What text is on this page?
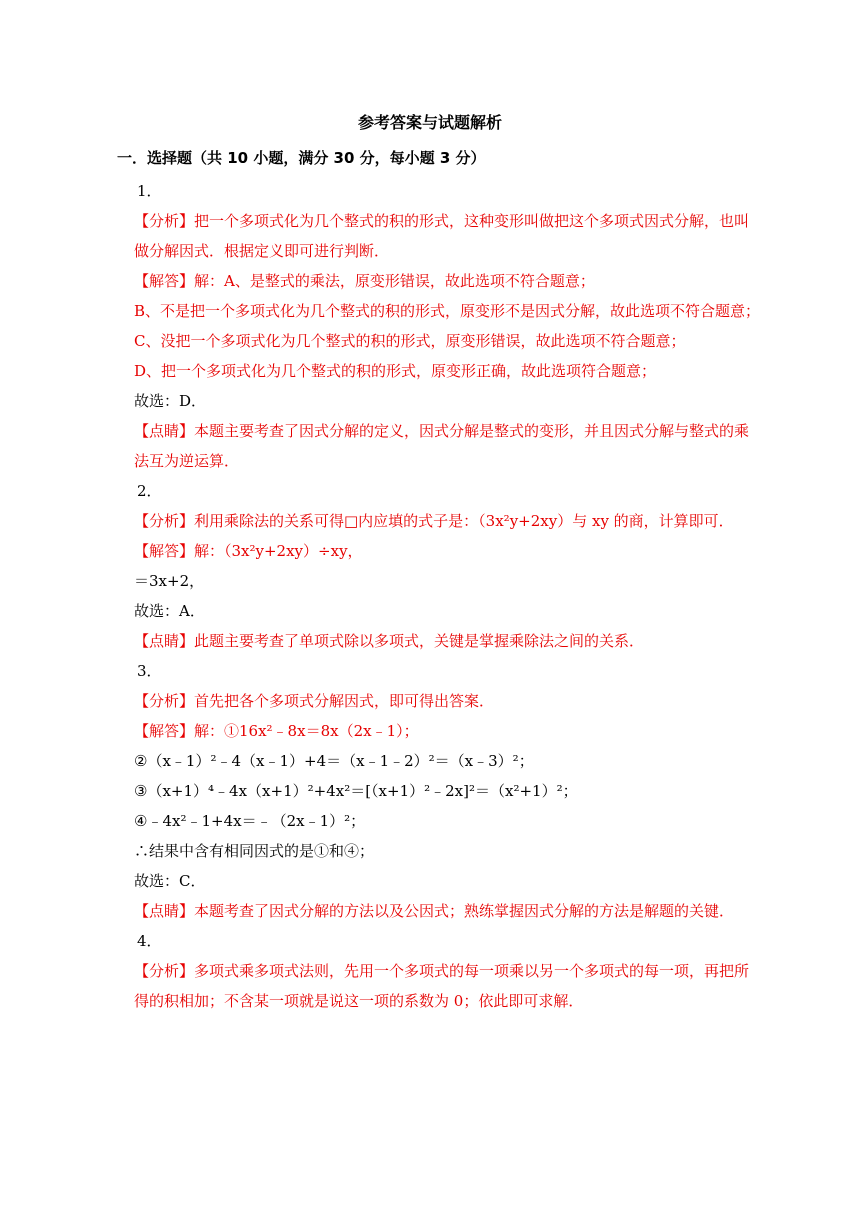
参考答案与试题解析
一．选择题（共 10 小题，满分 30 分，每小题 3 分）
1．
【分析】把一个多项式化为几个整式的积的形式，这种变形叫做把这个多项式因式分解，也叫做分解因式．根据定义即可进行判断．
【解答】解：A、是整式的乘法，原变形错误，故此选项不符合题意；
B、不是把一个多项式化为几个整式的积的形式，原变形不是因式分解，故此选项不符合题意；
C、没把一个多项式化为几个整式的积的形式，原变形错误，故此选项不符合题意；
D、把一个多项式化为几个整式的积的形式，原变形正确，故此选项符合题意；
故选：D．
【点睛】本题主要考查了因式分解的定义，因式分解是整式的变形，并且因式分解与整式的乘法互为逆运算．
2．
【分析】利用乘除法的关系可得□内应填的式子是：（3x²y+2xy）与 xy 的商，计算即可．
【解答】解：（3x²y+2xy）÷xy，
＝3x+2，
故选：A．
【点睛】此题主要考查了单项式除以多项式，关键是掌握乘除法之间的关系．
3．
【分析】首先把各个多项式分解因式，即可得出答案．
【解答】解：①16x²﹣8x＝8x（2x﹣1）；
②（x﹣1）²﹣4（x﹣1）+4＝（x﹣1﹣2）²＝（x﹣3）²；
③（x+1）⁴﹣4x（x+1）²+4x²＝[（x+1）²﹣2x]²＝（x²+1）²；
④﹣4x²﹣1+4x＝﹣（2x﹣1）²；
∴结果中含有相同因式的是①和④；
故选：C．
【点睛】本题考查了因式分解的方法以及公因式；熟练掌握因式分解的方法是解题的关键．
4．
【分析】多项式乘多项式法则，先用一个多项式的每一项乘以另一个多项式的每一项，再把所得的积相加；不含某一项就是说这一项的系数为 0；依此即可求解．
